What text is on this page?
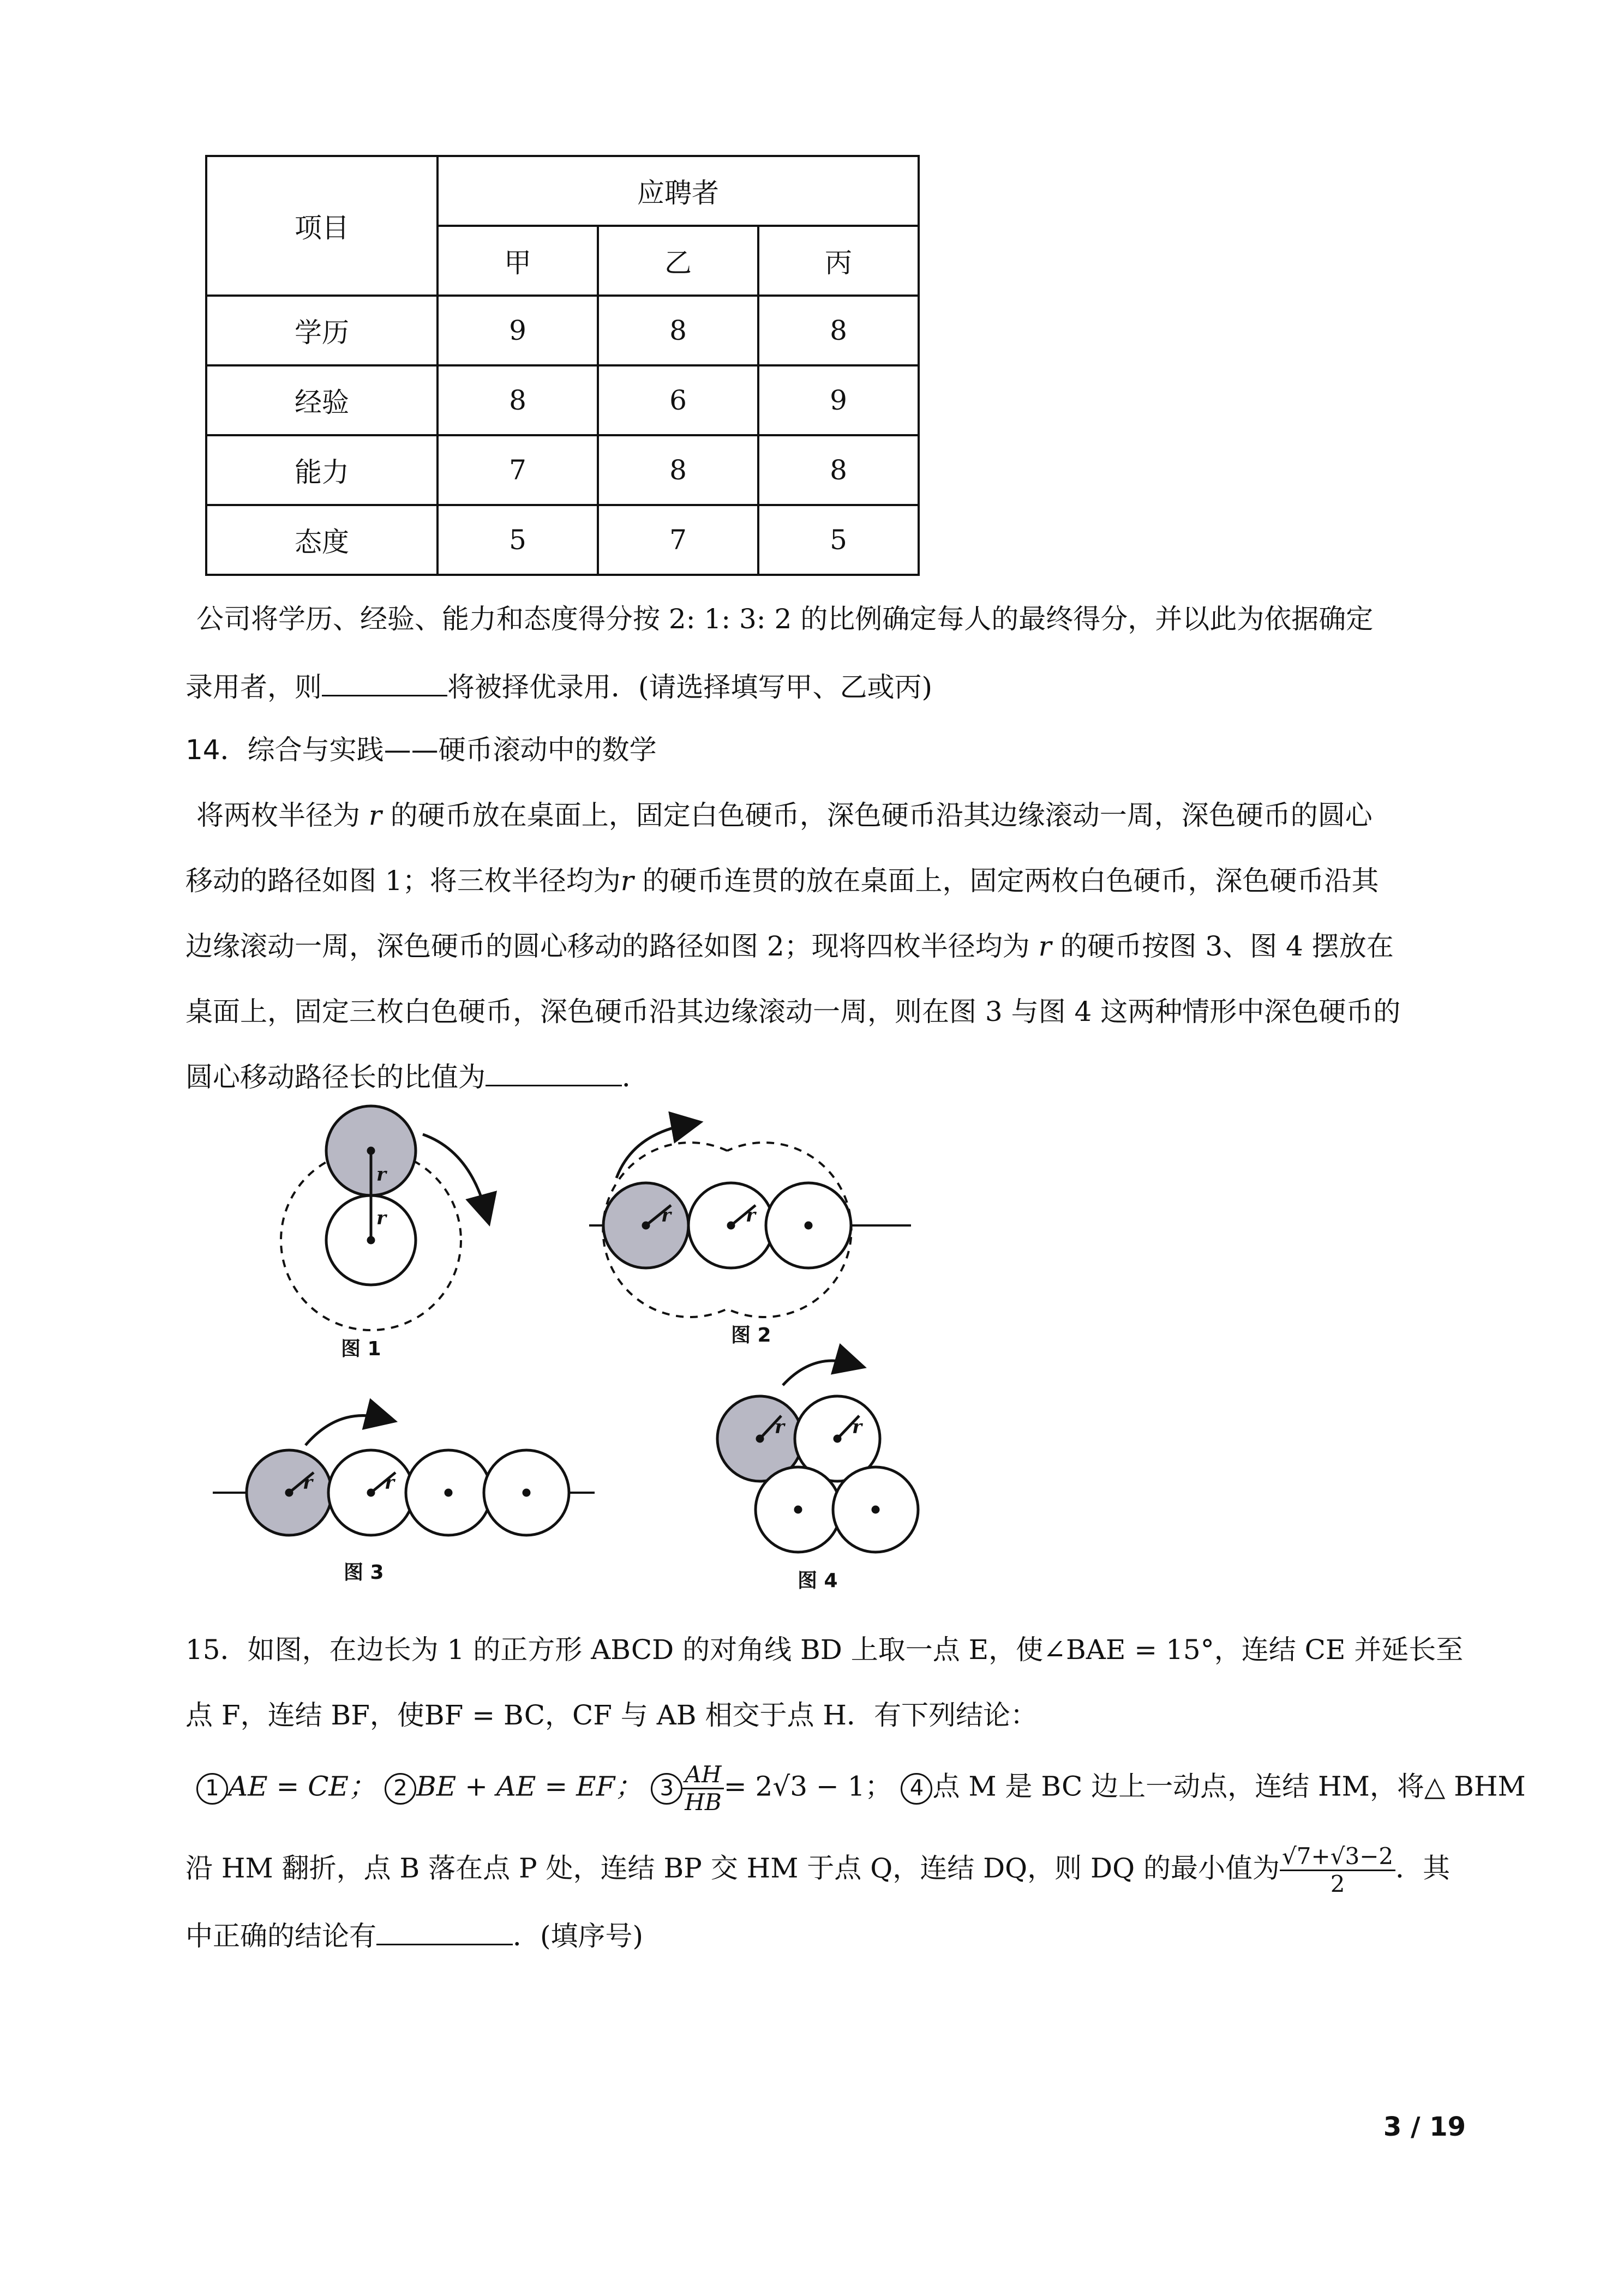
项目	应聘者		
	甲	乙	丙
学历	9	8	8
经验	8	6	9
能力	7	8	8
态度	5	7	5
公司将学历、经验、能力和态度得分按 2: 1: 3: 2 的比例确定每人的最终得分，并以此为依据确定
录用者，则	将被择优录用．(请选择填写甲、乙或丙)
14．综合与实践——硬币滚动中的数学
将两枚半径为 r 的硬币放在桌面上，固定白色硬币，深色硬币沿其边缘滚动一周，深色硬币的圆心
移动的路径如图 1；将三枚半径均为r 的硬币连贯的放在桌面上，固定两枚白色硬币，深色硬币沿其
边缘滚动一周，深色硬币的圆心移动的路径如图 2；现将四枚半径均为 r 的硬币按图 3、图 4 摆放在
桌面上，固定三枚白色硬币，深色硬币沿其边缘滚动一周，则在图 3 与图 4 这两种情形中深色硬币的
圆心移动路径长的比值为	．
r
r	r	r
r	r
r	r
图 1
图 2
图 3	图 4
15．如图，在边长为 1 的正方形 ABCD 的对角线 BD 上取一点 E，使∠BAE = 15°，连结 CE 并延长至
点 F，连结 BF，使BF = BC，CF 与 AB 相交于点 H．有下列结论：
1 AE = CE； 2 BE + AE = EF； $3 \frac{AH}{HB} = 2√3 - 1$； 4 点 M 是 BC 边上一动点，连结 HM，将△ BHM
沿 HM 翻折，点 B 落在点 P 处，连结 BP 交 HM 于点 Q，连结 DQ，则 DQ 的最小值为 $\frac{√7+√3-2}{2}$ ．其
中正确的结论有	．(填序号)
3 / 19
